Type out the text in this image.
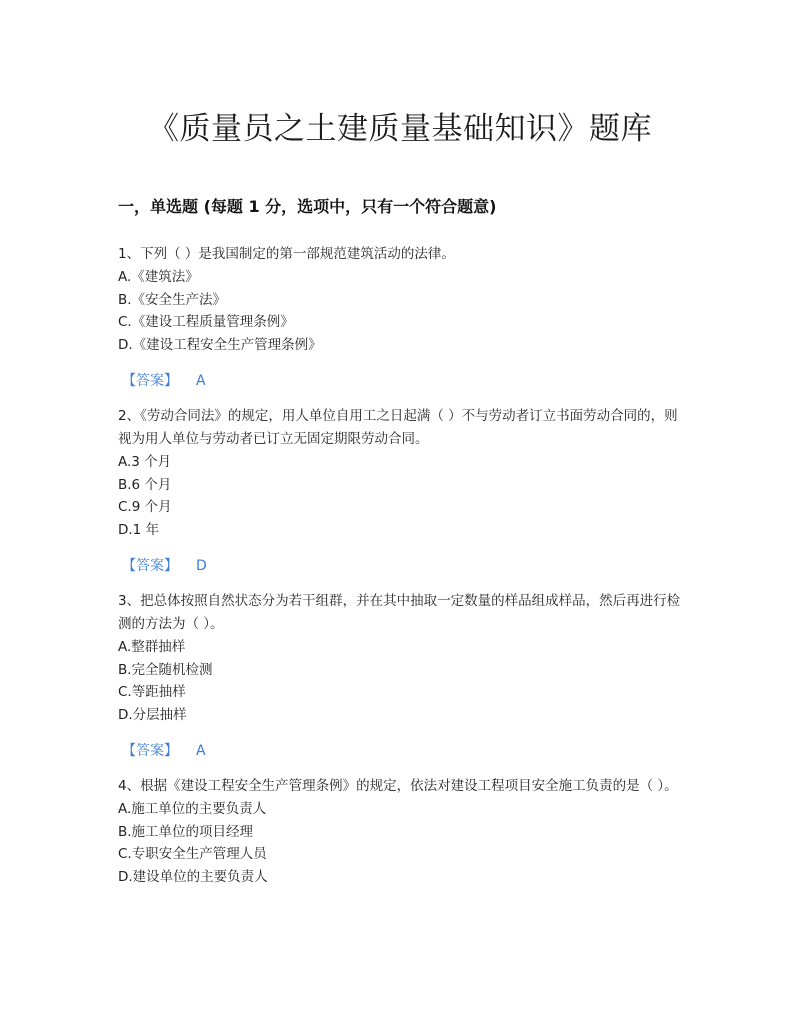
《质量员之土建质量基础知识》题库
一，单选题 (每题 1 分，选项中，只有一个符合题意)

1、下列（ ）是我国制定的第一部规范建筑活动的法律。

A.《建筑法》
B.《安全生产法》
C.《建设工程质量管理条例》
D.《建设工程安全生产管理条例》
【答案】 A

2、《劳动合同法》的规定，用人单位自用工之日起满（ ）不与劳动者订立书面劳动合同的，则视为用人单位与劳动者已订立无固定期限劳动合同。

A.3 个月
B.6 个月
C.9 个月
D.1 年
【答案】 D

3、把总体按照自然状态分为若干组群，并在其中抽取一定数量的样品组成样品，然后再进行检测的方法为（ ）。

A.整群抽样
B.完全随机检测
C.等距抽样
D.分层抽样
【答案】 A

4、根据《建设工程安全生产管理条例》的规定，依法对建设工程项目安全施工负责的是（ ）。

A.施工单位的主要负责人
B.施工单位的项目经理
C.专职安全生产管理人员
D.建设单位的主要负责人
